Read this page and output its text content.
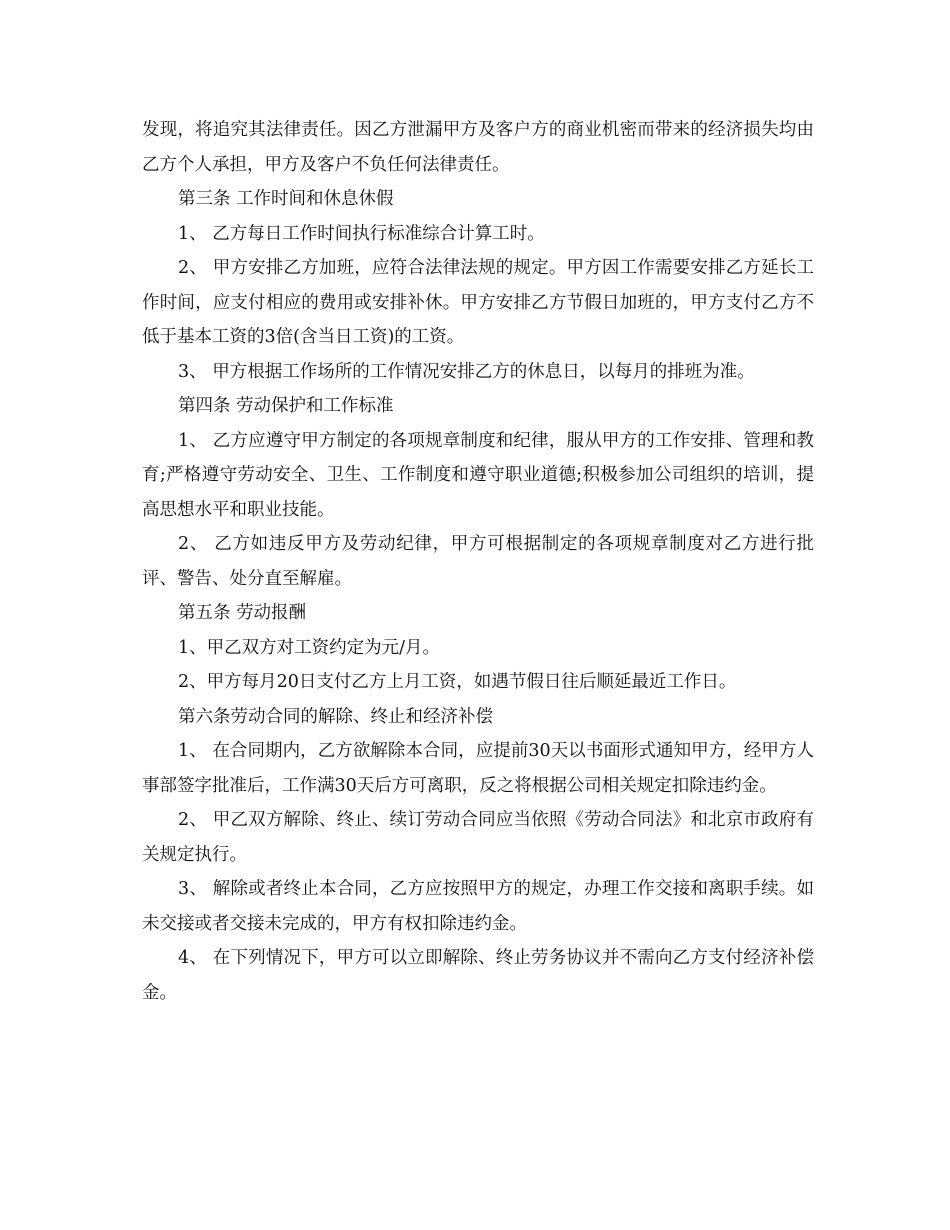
发现，将追究其法律责任。因乙方泄漏甲方及客户方的商业机密而带来的经济损失均由乙方个人承担，甲方及客户不负任何法律责任。

第三条 工作时间和休息休假

1、 乙方每日工作时间执行标准综合计算工时。

2、 甲方安排乙方加班，应符合法律法规的规定。甲方因工作需要安排乙方延长工作时间，应支付相应的费用或安排补休。甲方安排乙方节假日加班的，甲方支付乙方不低于基本工资的3倍(含当日工资)的工资。

3、 甲方根据工作场所的工作情况安排乙方的休息日，以每月的排班为准。

第四条 劳动保护和工作标准

1、 乙方应遵守甲方制定的各项规章制度和纪律，服从甲方的工作安排、管理和教育;严格遵守劳动安全、卫生、工作制度和遵守职业道德;积极参加公司组织的培训，提高思想水平和职业技能。

2、 乙方如违反甲方及劳动纪律，甲方可根据制定的各项规章制度对乙方进行批评、警告、处分直至解雇。

第五条 劳动报酬

1、甲乙双方对工资约定为元/月。

2、甲方每月20日支付乙方上月工资，如遇节假日往后顺延最近工作日。

第六条劳动合同的解除、终止和经济补偿

1、 在合同期内，乙方欲解除本合同，应提前30天以书面形式通知甲方，经甲方人事部签字批准后，工作满30天后方可离职，反之将根据公司相关规定扣除违约金。

2、 甲乙双方解除、终止、续订劳动合同应当依照《劳动合同法》和北京市政府有关规定执行。

3、 解除或者终止本合同，乙方应按照甲方的规定，办理工作交接和离职手续。如未交接或者交接未完成的，甲方有权扣除违约金。

4、 在下列情况下，甲方可以立即解除、终止劳务协议并不需向乙方支付经济补偿金。
